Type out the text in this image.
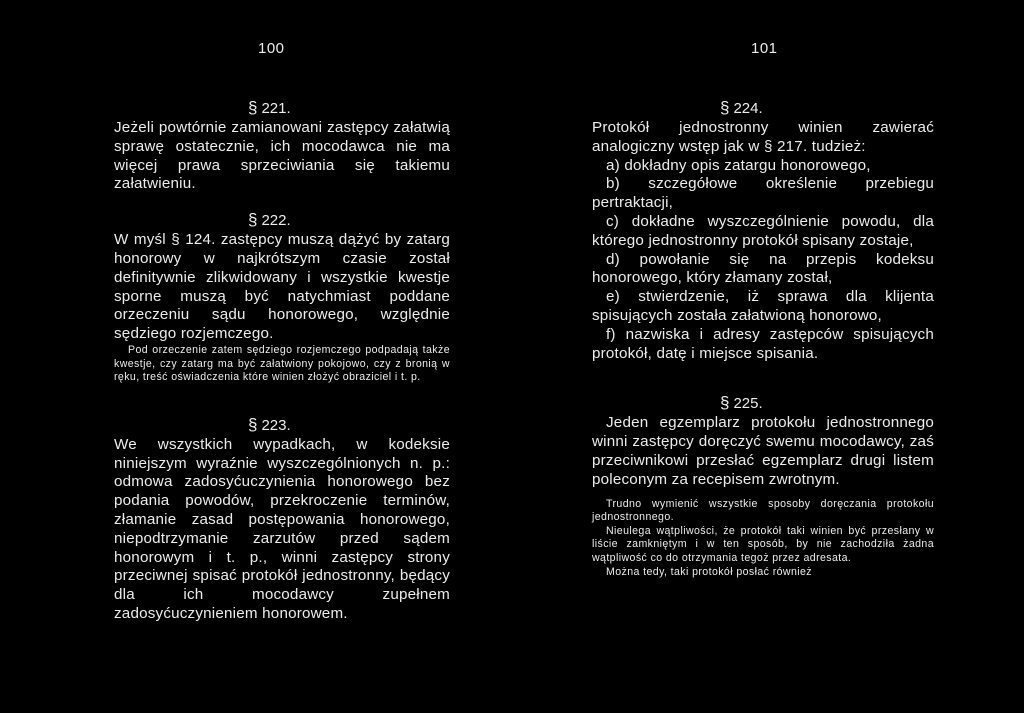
100
§ 221.

Jeżeli powtórnie zamianowani zastępcy załatwią sprawę ostatecznie, ich mocodawca nie ma więcej prawa sprzeciwiania się takiemu załatwieniu.

§ 222.

W myśl § 124. zastępcy muszą dążyć by zatarg honorowy w najkrótszym czasie został definitywnie zlikwidowany i wszystkie kwestje sporne muszą być natychmiast poddane orzeczeniu sądu honorowego, względnie sędziego rozjemczego.

Pod orzeczenie zatem sędziego rozjemczego podpadają także kwestje, czy zatarg ma być załatwiony pokojowo, czy z bronią w ręku, treść oświadczenia które winien złożyć obraziciel i t. p.

§ 223.

We wszystkich wypadkach, w kodeksie niniejszym wyraźnie wyszczególnionych n. p.: odmowa zadosyćuczynienia honorowego bez podania powodów, przekroczenie terminów, złamanie zasad postępowania honorowego, niepodtrzymanie zarzutów przed sądem honorowym i t. p., winni zastępcy strony przeciwnej spisać protokół jednostronny, będący dla ich mocodawcy zupełnem zadosyćuczynieniem honorowem.

101
§ 224.

Protokół jednostronny winien zawierać analogiczny wstęp jak w § 217. tudzież:

a) dokładny opis zatargu honorowego,

b) szczegółowe określenie przebiegu pertraktacji,

c) dokładne wyszczególnienie powodu, dla którego jednostronny protokół spisany zostaje,

d) powołanie się na przepis kodeksu honorowego, który złamany został,

e) stwierdzenie, iż sprawa dla klijenta spisujących została załatwioną honorowo,

f) nazwiska i adresy zastępców spisujących protokół, datę i miejsce spisania.

§ 225.

Jeden egzemplarz protokołu jednostronnego winni zastępcy doręczyć swemu mocodawcy, zaś przeciwnikowi przesłać egzemplarz drugi listem poleconym za recepisem zwrotnym.

Trudno wymienić wszystkie sposoby doręczania protokołu jednostronnego.

Nieulega wątpliwości, że protokół taki winien być przesłany w liście zamkniętym i w ten sposób, by nie zachodziła żadna wątpliwość co do otrzymania tegoż przez adresata.

Można tedy, taki protokół posłać również
